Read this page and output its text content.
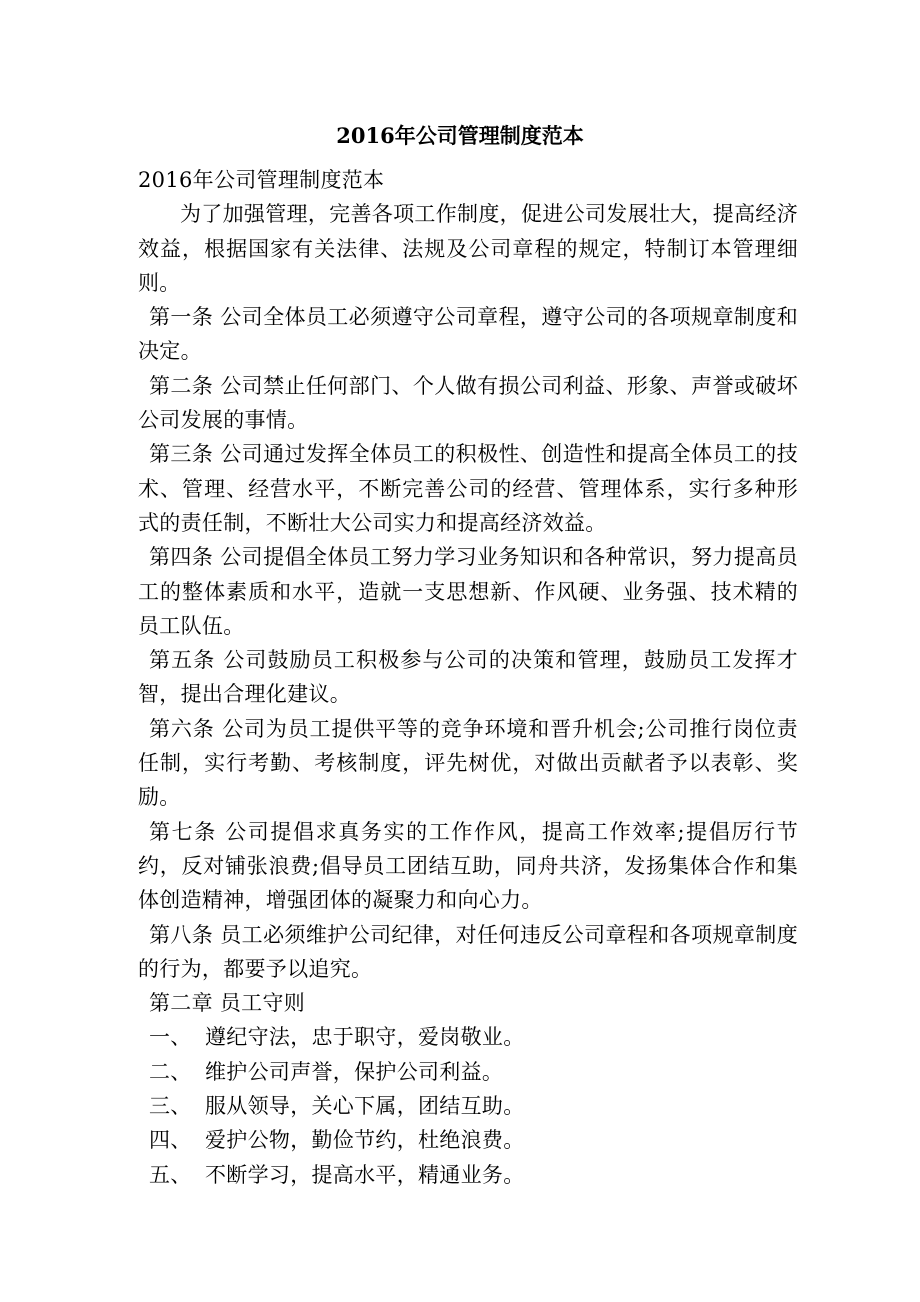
2016年公司管理制度范本

2016年公司管理制度范本

为了加强管理，完善各项工作制度，促进公司发展壮大，提高经济效益，根据国家有关法律、法规及公司章程的规定，特制订本管理细则。

第一条 公司全体员工必须遵守公司章程，遵守公司的各项规章制度和决定。

第二条 公司禁止任何部门、个人做有损公司利益、形象、声誉或破坏公司发展的事情。

第三条 公司通过发挥全体员工的积极性、创造性和提高全体员工的技术、管理、经营水平，不断完善公司的经营、管理体系，实行多种形式的责任制，不断壮大公司实力和提高经济效益。

第四条 公司提倡全体员工努力学习业务知识和各种常识，努力提高员工的整体素质和水平，造就一支思想新、作风硬、业务强、技术精的员工队伍。

第五条 公司鼓励员工积极参与公司的决策和管理，鼓励员工发挥才智，提出合理化建议。

第六条 公司为员工提供平等的竞争环境和晋升机会;公司推行岗位责任制，实行考勤、考核制度，评先树优，对做出贡献者予以表彰、奖励。

第七条 公司提倡求真务实的工作作风，提高工作效率;提倡厉行节约，反对铺张浪费;倡导员工团结互助，同舟共济，发扬集体合作和集体创造精神，增强团体的凝聚力和向心力。

第八条 员工必须维护公司纪律，对任何违反公司章程和各项规章制度的行为，都要予以追究。

第二章 员工守则

一、 遵纪守法，忠于职守，爱岗敬业。

二、 维护公司声誉，保护公司利益。

三、 服从领导，关心下属，团结互助。

四、 爱护公物，勤俭节约，杜绝浪费。

五、 不断学习，提高水平，精通业务。
